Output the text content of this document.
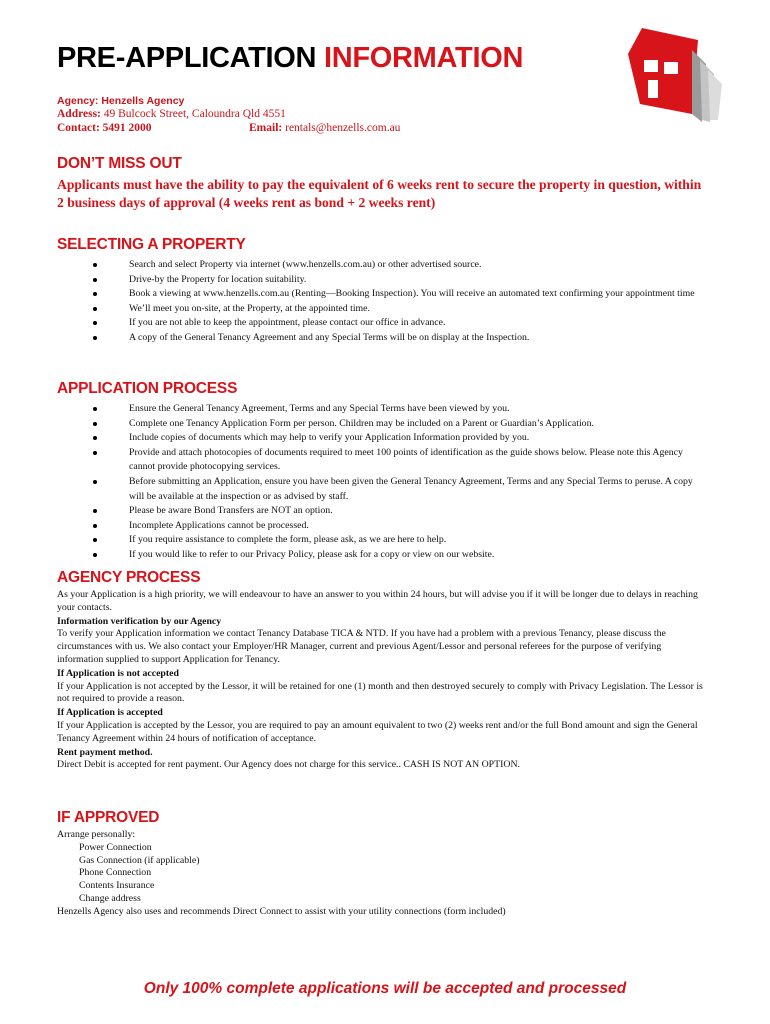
PRE-APPLICATION INFORMATION
Agency: Henzells Agency
Address: 49 Bulcock Street, Caloundra Qld 4551
Contact: 5491 2000	Email: rentals@henzells.com.au
DON’T MISS OUT

Applicants must have the ability to pay the equivalent of 6 weeks rent to secure the property in question, within 2 business days of approval (4 weeks rent as bond + 2 weeks rent)

SELECTING A PROPERTY
Search and select Property via internet (www.henzells.com.au) or other advertised source.
Drive-by the Property for location suitability.
Book a viewing at www.henzells.com.au (Renting—Booking Inspection). You will receive an automated text confirming your appointment time
We’ll meet you on-site, at the Property, at the appointed time.
If you are not able to keep the appointment, please contact our office in advance.
A copy of the General Tenancy Agreement and any Special Terms will be on display at the Inspection.
APPLICATION PROCESS
Ensure the General Tenancy Agreement, Terms and any Special Terms have been viewed by you.
Complete one Tenancy Application Form per person. Children may be included on a Parent or Guardian’s Application.
Include copies of documents which may help to verify your Application Information provided by you.
Provide and attach photocopies of documents required to meet 100 points of identification as the guide shows below. Please note this Agency cannot provide photocopying services.
Before submitting an Application, ensure you have been given the General Tenancy Agreement, Terms and any Special Terms to peruse. A copy will be available at the inspection or as advised by staff.
Please be aware Bond Transfers are NOT an option.
Incomplete Applications cannot be processed.
If you require assistance to complete the form, please ask, as we are here to help.
If you would like to refer to our Privacy Policy, please ask for a copy or view on our website.
AGENCY PROCESS

As your Application is a high priority, we will endeavour to have an answer to you within 24 hours, but will advise you if it will be longer due to delays in reaching your contacts.

Information verification by our Agency

To verify your Application information we contact Tenancy Database TICA & NTD. If you have had a problem with a previous Tenancy, please discuss the circumstances with us. We also contact your Employer/HR Manager, current and previous Agent/Lessor and personal referees for the purpose of verifying information supplied to support Application for Tenancy.

If Application is not accepted

If your Application is not accepted by the Lessor, it will be retained for one (1) month and then destroyed securely to comply with Privacy Legislation. The Lessor is not required to provide a reason.

If Application is accepted

If your Application is accepted by the Lessor, you are required to pay an amount equivalent to two (2) weeks rent and/or the full Bond amount and sign the General Tenancy Agreement within 24 hours of notification of acceptance.

Rent payment method.

Direct Debit is accepted for rent payment. Our Agency does not charge for this service.. CASH IS NOT AN OPTION.

IF APPROVED

Arrange personally:

Power Connection
Gas Connection (if applicable)
Phone Connection
Contents Insurance
Change address

Henzells Agency also uses and recommends Direct Connect to assist with your utility connections (form included)

Only 100% complete applications will be accepted and processed
